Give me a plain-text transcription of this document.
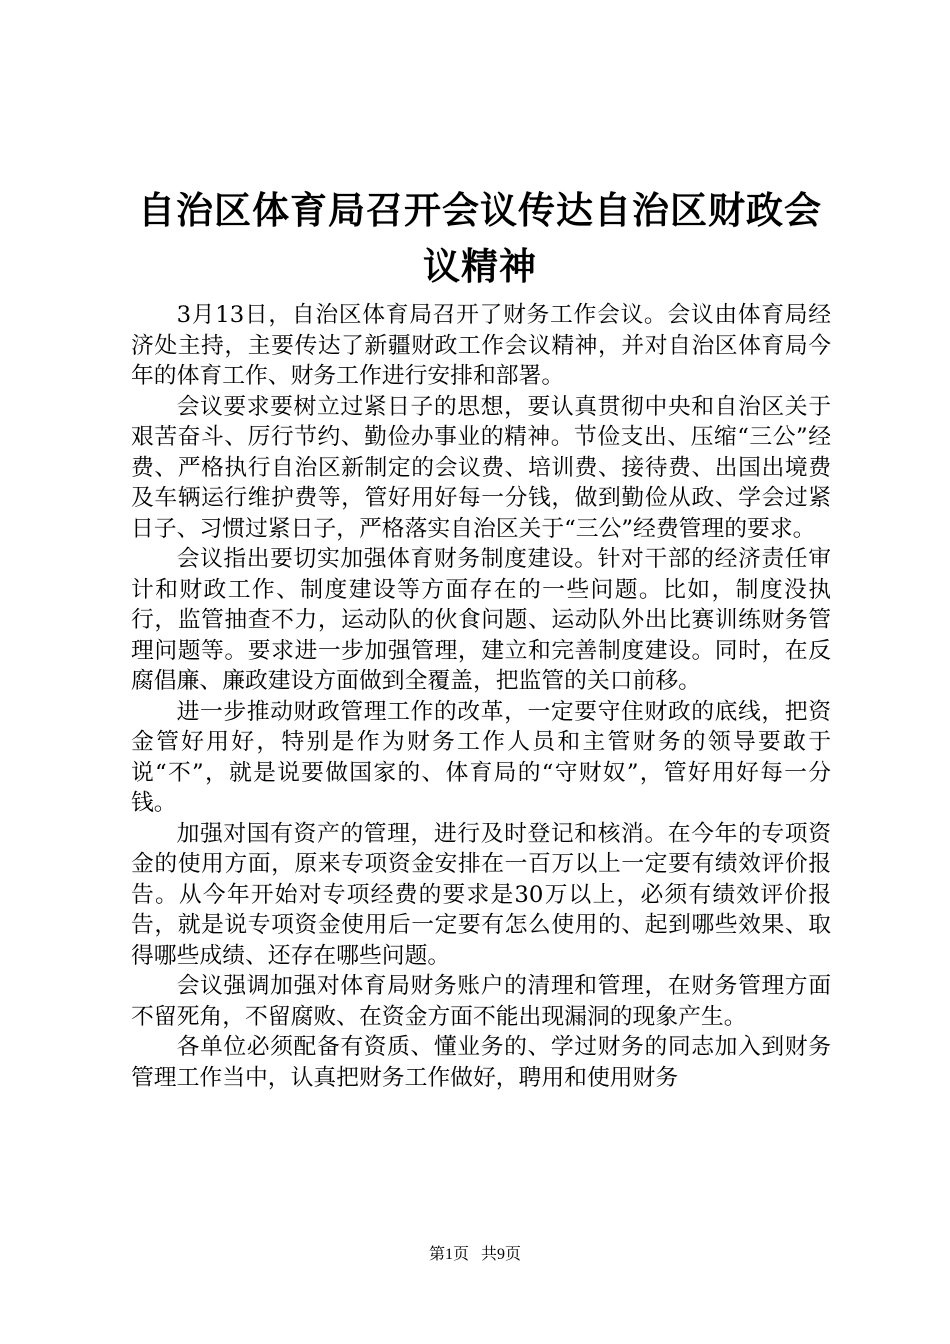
自治区体育局召开会议传达自治区财政会议精神

3月13日，自治区体育局召开了财务工作会议。会议由体育局经济处主持，主要传达了新疆财政工作会议精神，并对自治区体育局今年的体育工作、财务工作进行安排和部署。

会议要求要树立过紧日子的思想，要认真贯彻中央和自治区关于艰苦奋斗、厉行节约、勤俭办事业的精神。节俭支出、压缩“三公”经费、严格执行自治区新制定的会议费、培训费、接待费、出国出境费及车辆运行维护费等，管好用好每一分钱，做到勤俭从政、学会过紧日子、习惯过紧日子，严格落实自治区关于“三公”经费管理的要求。

会议指出要切实加强体育财务制度建设。针对干部的经济责任审计和财政工作、制度建设等方面存在的一些问题。比如，制度没执行，监管抽查不力，运动队的伙食问题、运动队外出比赛训练财务管理问题等。要求进一步加强管理，建立和完善制度建设。同时，在反腐倡廉、廉政建设方面做到全覆盖，把监管的关口前移。

进一步推动财政管理工作的改革，一定要守住财政的底线，把资金管好用好，特别是作为财务工作人员和主管财务的领导要敢于说“不”，就是说要做国家的、体育局的“守财奴”，管好用好每一分钱。

加强对国有资产的管理，进行及时登记和核消。在今年的专项资金的使用方面，原来专项资金安排在一百万以上一定要有绩效评价报告。从今年开始对专项经费的要求是30万以上，必须有绩效评价报告，就是说专项资金使用后一定要有怎么使用的、起到哪些效果、取得哪些成绩、还存在哪些问题。

会议强调加强对体育局财务账户的清理和管理，在财务管理方面不留死角，不留腐败、在资金方面不能出现漏洞的现象产生。

各单位必须配备有资质、懂业务的、学过财务的同志加入到财务管理工作当中，认真把财务工作做好，聘用和使用财务

第1页 共9页
